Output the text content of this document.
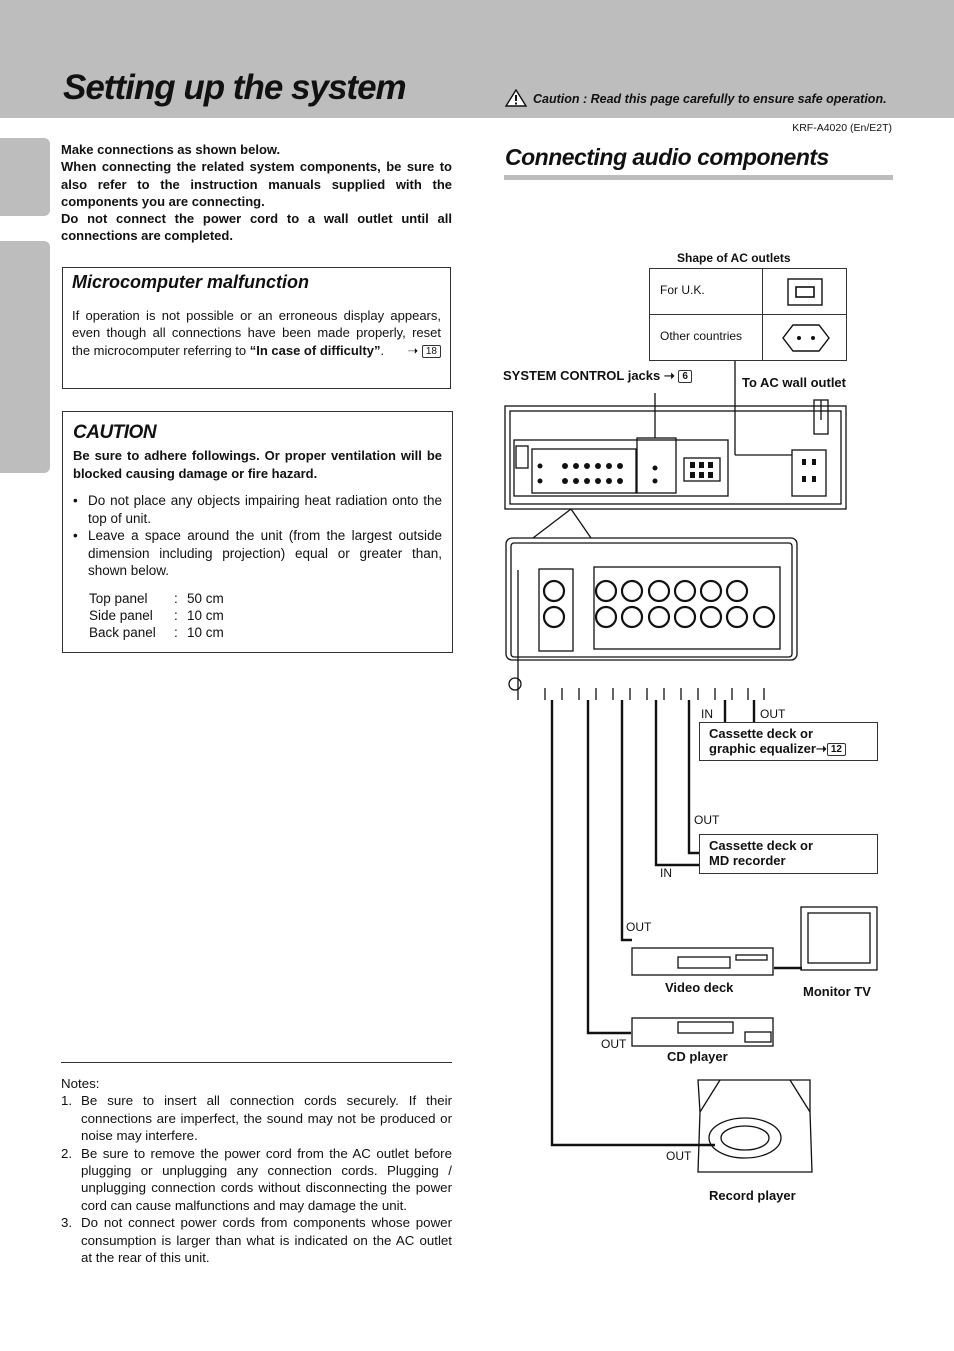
Setting up the system	Caution : Read this page carefully to ensure safe operation.
KRF-A4020 (En/E2T)

Make connections as shown below.

When connecting the related system components, be sure to also refer to the instruction manuals supplied with the components you are connecting.

Do not connect the power cord to a wall outlet until all connections are completed.

Microcomputer malfunction
If operation is not possible or an erroneous display appears, even though all connections have been made properly, reset the microcomputer referring to “In case of difficulty”. ➝ 18
CAUTION

Be sure to adhere followings. Or proper ventilation will be blocked causing damage or fire hazard.

• Do not place any objects impairing heat radiation onto the top of unit.
• Leave a space around the unit (from the largest outside dimension including projection) equal or greater than, shown below.
Top panel : 50 cm
Side panel : 10 cm
Back panel : 10 cm
Notes:
1. Be sure to insert all connection cords securely. If their connections are imperfect, the sound may not be produced or noise may interfere.
2. Be sure to remove the power cord from the AC outlet before plugging or unplugging any connection cords. Plugging / unplugging connection cords without disconnecting the power cord can cause malfunctions and may damage the unit.
3. Do not connect power cords from components whose power consumption is larger than what is indicated on the AC outlet at the rear of this unit.
Connecting audio components
Shape of AC outlets
For U.K.
Other countries
SYSTEM CONTROL jacks ➝ 6	To AC wall outlet
IN	OUT
Cassette deck or
graphic equalizer➝ 12
OUT
Cassette deck or
MD recorder
IN
OUT
Video deck	Monitor TV
OUT
CD player
OUT
Record player
